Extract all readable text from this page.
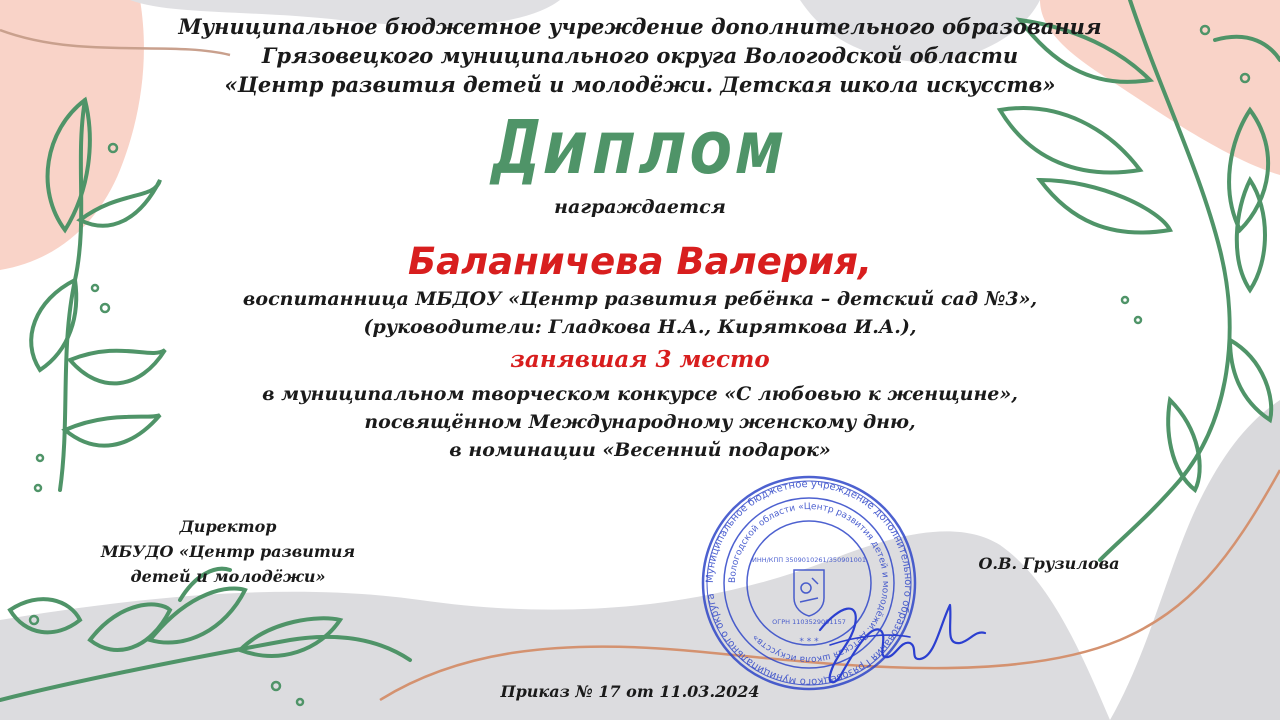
Муниципальное бюджетное учреждение дополнительного образования
Грязовецкого муниципального округа Вологодской области
«Центр развития детей и молодёжи. Детская школа искусств»
Диплом
награждается
Баланичева Валерия,
воспитанница МБДОУ «Центр развития ребёнка – детский сад №3»,
(руководители: Гладкова Н.А., Киряткова И.А.),
занявшая 3 место
в муниципальном творческом конкурсе «С любовью к женщине»,
посвящённом Международному женскому дню,
в номинации «Весенний подарок»
Директор
МБУДО «Центр развития
детей и молодёжи»	Муниципальное бюджетное учреждение дополнительного образования Грязовецкого муниципального округа
Вологодской области «Центр развития детей и молодёжи. Детская школа искусств»
ИНН/КПП 3509010261/350901001
ОГРН 1103529001157
* * *
О.В. Грузилова
Приказ № 17 от 11.03.2024
